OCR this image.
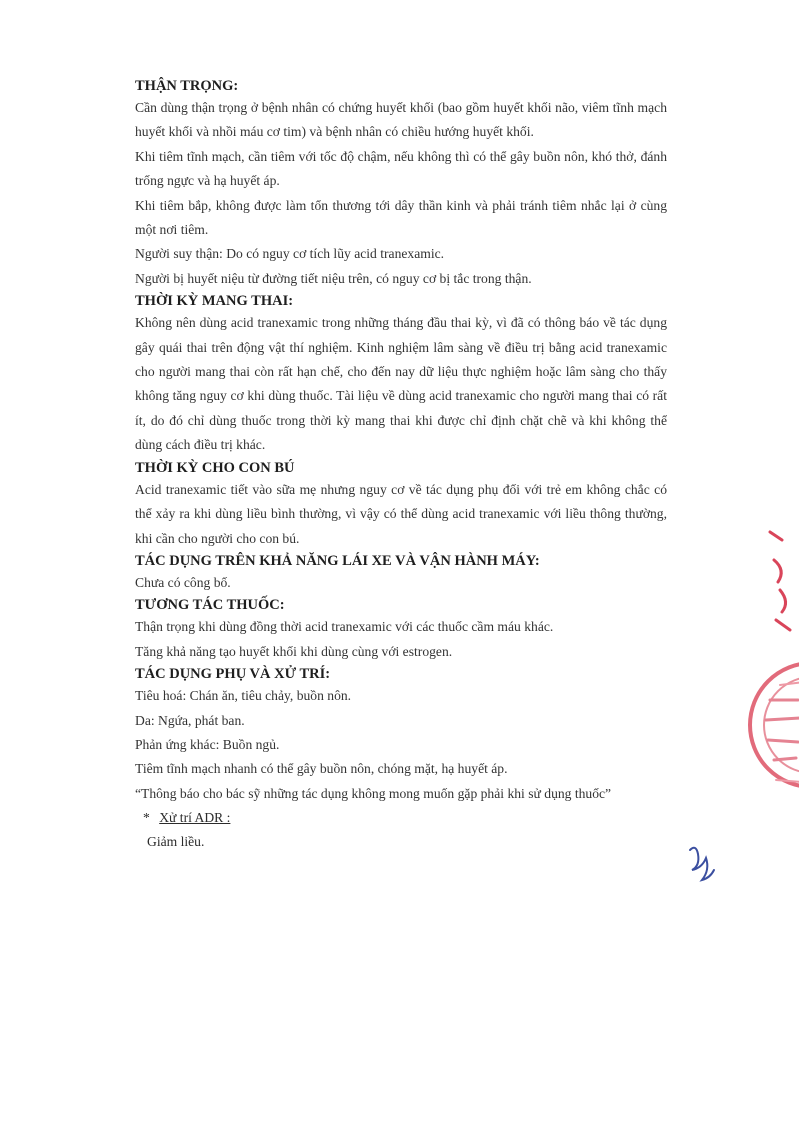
THẬN TRỌNG:

Cần dùng thận trọng ở bệnh nhân có chứng huyết khối (bao gồm huyết khối não, viêm tĩnh mạch huyết khối và nhồi máu cơ tim) và bệnh nhân có chiều hướng huyết khối.

Khi tiêm tĩnh mạch, cần tiêm với tốc độ chậm, nếu không thì có thể gây buồn nôn, khó thở, đánh trống ngực và hạ huyết áp.

Khi tiêm bắp, không được làm tổn thương tới dây thần kinh và phải tránh tiêm nhắc lại ở cùng một nơi tiêm.

Người suy thận: Do có nguy cơ tích lũy acid tranexamic.

Người bị huyết niệu từ đường tiết niệu trên, có nguy cơ bị tắc trong thận.

THỜI KỲ MANG THAI:

Không nên dùng acid tranexamic trong những tháng đầu thai kỳ, vì đã có thông báo về tác dụng gây quái thai trên động vật thí nghiệm. Kinh nghiệm lâm sàng về điều trị bằng acid tranexamic cho người mang thai còn rất hạn chế, cho đến nay dữ liệu thực nghiệm hoặc lâm sàng cho thấy không tăng nguy cơ khi dùng thuốc. Tài liệu về dùng acid tranexamic cho người mang thai có rất ít, do đó chỉ dùng thuốc trong thời kỳ mang thai khi được chỉ định chặt chẽ và khi không thể dùng cách điều trị khác.

THỜI KỲ CHO CON BÚ

Acid tranexamic tiết vào sữa mẹ nhưng nguy cơ về tác dụng phụ đối với trẻ em không chắc có thể xảy ra khi dùng liều bình thường, vì vậy có thể dùng acid tranexamic với liều thông thường, khi cần cho người cho con bú.

TÁC DỤNG TRÊN KHẢ NĂNG LÁI XE VÀ VẬN HÀNH MÁY:

Chưa có công bố.

TƯƠNG TÁC THUỐC:

Thận trọng khi dùng đồng thời acid tranexamic với các thuốc cầm máu khác.

Tăng khả năng tạo huyết khối khi dùng cùng với estrogen.

TÁC DỤNG PHỤ VÀ XỬ TRÍ:

Tiêu hoá: Chán ăn, tiêu chảy, buồn nôn.

Da: Ngứa, phát ban.

Phản ứng khác: Buồn ngủ.

Tiêm tĩnh mạch nhanh có thể gây buồn nôn, chóng mặt, hạ huyết áp.

“Thông báo cho bác sỹ những tác dụng không mong muốn gặp phải khi sử dụng thuốc”

* Xử trí ADR :

Giảm liều.
